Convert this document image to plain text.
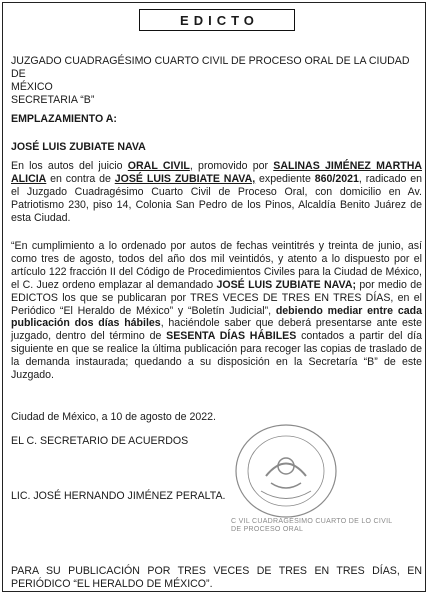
EDICTO

JUZGADO CUADRAGÉSIMO CUARTO CIVIL DE PROCESO ORAL DE LA CIUDAD DE
MÉXICO
SECRETARIA “B”

EMPLAZAMIENTO A:

JOSÉ LUIS ZUBIATE NAVA

En los autos del juicio ORAL CIVIL, promovido por SALINAS JIMÉNEZ MARTHA ALICIA en contra de JOSÉ LUIS ZUBIATE NAVA, expediente 860/2021, radicado en el Juzgado Cuadragésimo Cuarto Civil de Proceso Oral, con domicilio en Av. Patriotismo 230, piso 14, Colonia San Pedro de los Pinos, Alcaldía Benito Juárez de esta Ciudad.

“En cumplimiento a lo ordenado por autos de fechas veintitrés y treinta de junio, así como tres de agosto, todos del año dos mil veintidós, y atento a lo dispuesto por el artículo 122 fracción II del Código de Procedimientos Civiles para la Ciudad de México, el C. Juez ordeno emplazar al demandado JOSÉ LUIS ZUBIATE NAVA; por medio de EDICTOS los que se publicaran por TRES VECES DE TRES EN TRES DÍAS, en el Periódico “El Heraldo de México” y “Boletín Judicial”, debiendo mediar entre cada publicación dos días hábiles, haciéndole saber que deberá presentarse ante este juzgado, dentro del término de SESENTA DÍAS HÁBILES contados a partir del día siguiente en que se realice la última publicación para recoger las copias de traslado de la demanda instaurada; quedando a su disposición en la Secretaría “B” de este Juzgado.

Ciudad de México, a 10 de agosto de 2022.

EL C. SECRETARIO DE ACUERDOS

LIC. JOSÉ HERNANDO JIMÉNEZ PERALTA.

C VIL CUADRAGÉSIMO CUARTO DE LO CIVIL
DE PROCESO ORAL

PARA SU PUBLICACIÓN POR TRES VECES DE TRES EN TRES DÍAS, EN PERIÓDICO “EL HERALDO DE MÉXICO”.
